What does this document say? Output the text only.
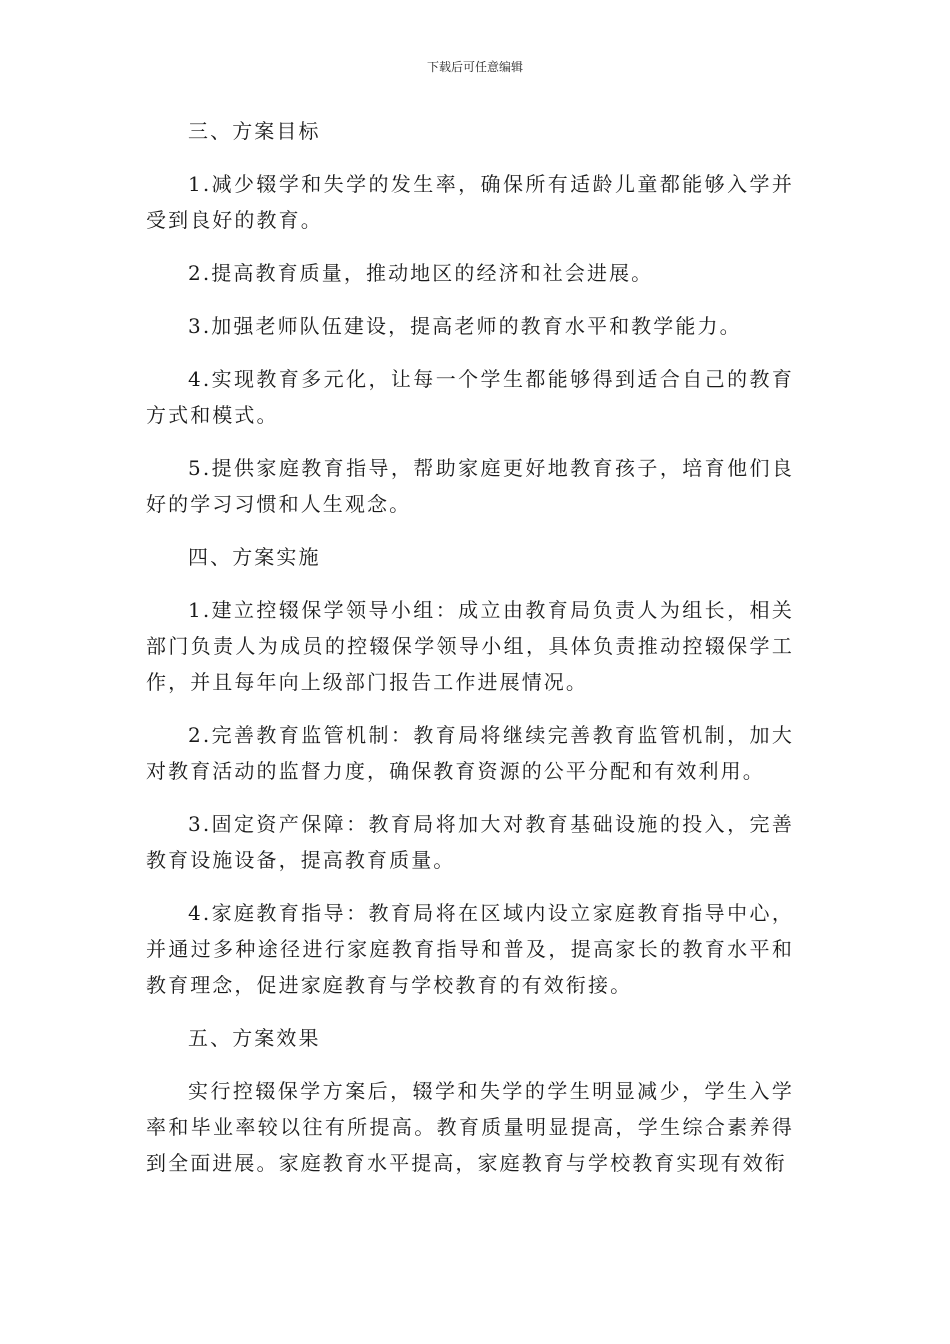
下载后可任意编辑
三、方案目标

1.减少辍学和失学的发生率，确保所有适龄儿童都能够入学并受到良好的教育。

2.提高教育质量，推动地区的经济和社会进展。

3.加强老师队伍建设，提高老师的教育水平和教学能力。

4.实现教育多元化，让每一个学生都能够得到适合自己的教育方式和模式。

5.提供家庭教育指导，帮助家庭更好地教育孩子，培育他们良好的学习习惯和人生观念。

四、方案实施

1.建立控辍保学领导小组：成立由教育局负责人为组长，相关部门负责人为成员的控辍保学领导小组，具体负责推动控辍保学工作，并且每年向上级部门报告工作进展情况。

2.完善教育监管机制：教育局将继续完善教育监管机制，加大对教育活动的监督力度，确保教育资源的公平分配和有效利用。

3.固定资产保障：教育局将加大对教育基础设施的投入，完善教育设施设备，提高教育质量。

4.家庭教育指导：教育局将在区域内设立家庭教育指导中心，并通过多种途径进行家庭教育指导和普及，提高家长的教育水平和教育理念，促进家庭教育与学校教育的有效衔接。

五、方案效果

实行控辍保学方案后，辍学和失学的学生明显减少，学生入学率和毕业率较以往有所提高。教育质量明显提高，学生综合素养得到全面进展。家庭教育水平提高，家庭教育与学校教育实现有效衔
